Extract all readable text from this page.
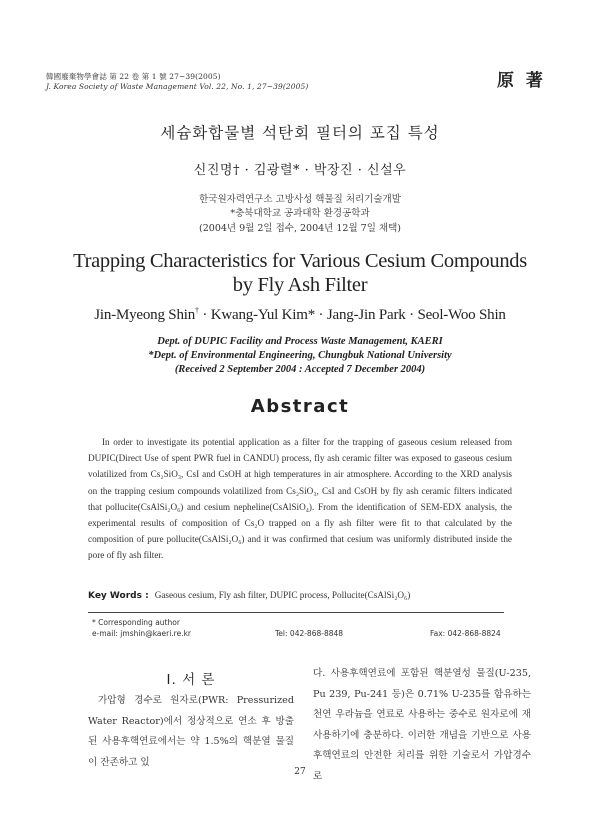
韓國廢棄物學會誌 第 22 卷 第 1 號 27~39(2005)
J. Korea Society of Waste Management Vol. 22, No. 1, 27~39(2005)	原 著
세슘화합물별 석탄회 필터의 포집 특성
신진명† · 김광렬* · 박장진 · 신설우
한국원자력연구소 고방사성 핵물질 처리기술개발
*충북대학교 공과대학 환경공학과
(2004년 9월 2일 접수, 2004년 12월 7일 채택)
Trapping Characteristics for Various Cesium Compounds by Fly Ash Filter
Jin-Myeong Shin† · Kwang-Yul Kim* · Jang-Jin Park · Seol-Woo Shin
Dept. of DUPIC Facility and Process Waste Management, KAERI
*Dept. of Environmental Engineering, Chungbuk National University
(Received 2 September 2004 : Accepted 7 December 2004)
Abstract
In order to investigate its potential application as a filter for the trapping of gaseous cesium released from DUPIC(Direct Use of spent PWR fuel in CANDU) process, fly ash ceramic filter was exposed to gaseous cesium volatilized from Cs₂SiO₃, CsI and CsOH at high temperatures in air atmosphere. According to the XRD analysis on the trapping cesium compounds volatilized from Cs₂SiO₃, CsI and CsOH by fly ash ceramic filters indicated that pollucite(CsAlSi₂O₆) and cesium nepheline(CsAlSiO₄). From the identification of SEM-EDX analysis, the experimental results of composition of Cs₂O trapped on a fly ash filter were fit to that calculated by the composition of pure pollucite(CsAlSi₂O₆) and it was confirmed that cesium was uniformly distributed inside the pore of fly ash filter.
Key Words : Gaseous cesium, Fly ash filter, DUPIC process, Pollucite(CsAlSi₂O₆)
* Corresponding author
e-mail: jmshin@kaeri.re.kr	Tel: 042-868-8848	Fax: 042-868-8824
Ⅰ. 서 론
가압형 경수로 원자로(PWR: Pressurized Water Reactor)에서 정상적으로 연소 후 방출된 사용후핵연료에서는 약 1.5%의 핵분열 물질이 잔존하고 있
다. 사용후핵연료에 포함된 핵분열성 물질(U-235, Pu 239, Pu-241 등)은 0.71% U-235를 함유하는 천연 우라늄을 연료로 사용하는 중수로 원자로에 재사용하기에 충분하다. 이러한 개념을 기반으로 사용후핵연료의 안전한 처리를 위한 기술로서 가압경수로
27
